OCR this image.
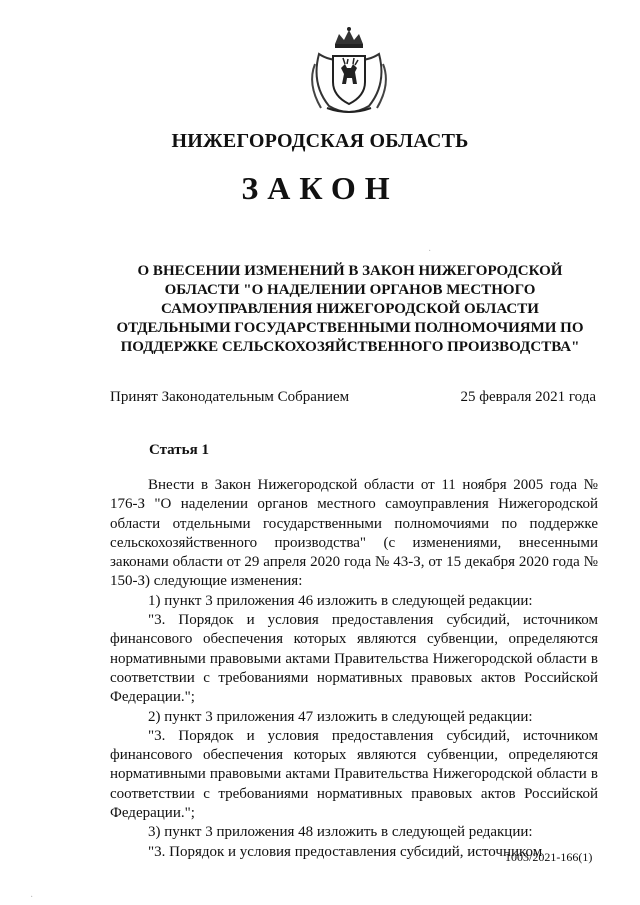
НИЖЕГОРОДСКАЯ ОБЛАСТЬ
ЗАКОН
О ВНЕСЕНИИ ИЗМЕНЕНИЙ В ЗАКОН НИЖЕГОРОДСКОЙ
ОБЛАСТИ "О НАДЕЛЕНИИ ОРГАНОВ МЕСТНОГО
САМОУПРАВЛЕНИЯ НИЖЕГОРОДСКОЙ ОБЛАСТИ
ОТДЕЛЬНЫМИ ГОСУДАРСТВЕННЫМИ ПОЛНОМОЧИЯМИ ПО
ПОДДЕРЖКЕ СЕЛЬСКОХОЗЯЙСТВЕННОГО ПРОИЗВОДСТВА"
Принят Законодательным Собранием	25 февраля 2021 года
Статья 1

Внести в Закон Нижегородской области от 11 ноября 2005 года № 176-З "О наделении органов местного самоуправления Нижегородской области отдельными государственными полномочиями по поддержке сельскохозяйственного производства" (с изменениями, внесенными законами области от 29 апреля 2020 года № 43-З, от 15 декабря 2020 года № 150-З) следующие изменения:

1) пункт 3 приложения 46 изложить в следующей редакции:

"3. Порядок и условия предоставления субсидий, источником финансового обеспечения которых являются субвенции, определяются нормативными правовыми актами Правительства Нижегородской области в соответствии с требованиями нормативных правовых актов Российской Федерации.";

2) пункт 3 приложения 47 изложить в следующей редакции:

"3. Порядок и условия предоставления субсидий, источником финансового обеспечения которых являются субвенции, определяются нормативными правовыми актами Правительства Нижегородской области в соответствии с требованиями нормативных правовых актов Российской Федерации.";

3) пункт 3 приложения 48 изложить в следующей редакции:

"3. Порядок и условия предоставления субсидий, источником

1003/2021-166(1)
·
·
